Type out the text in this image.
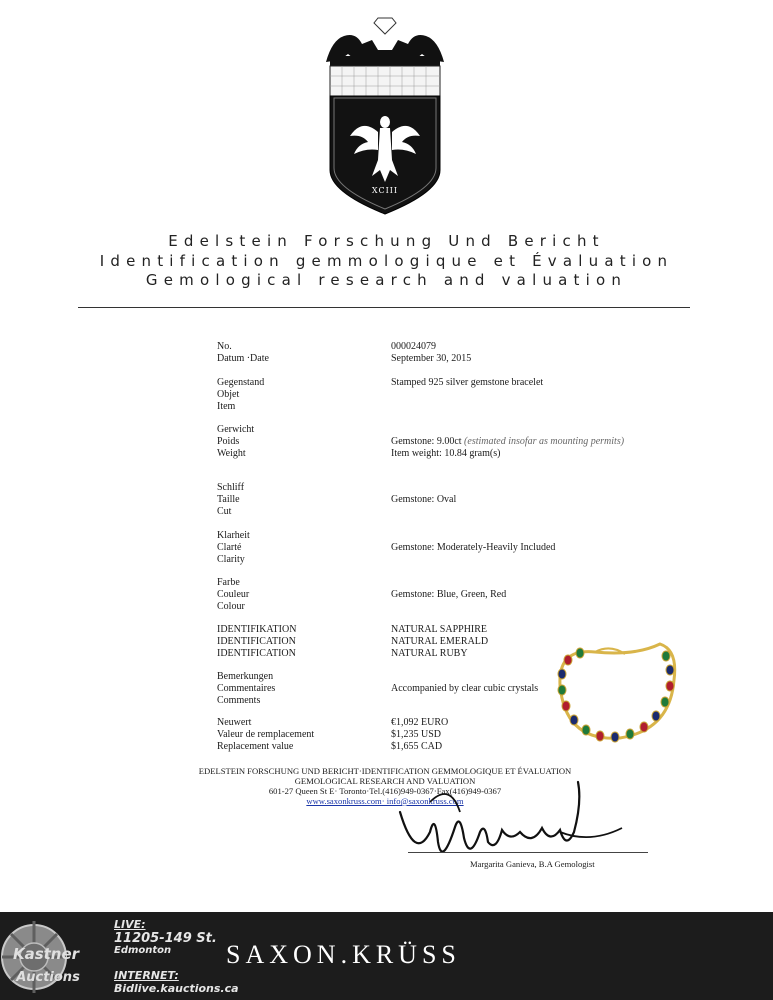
XCIII
Edelstein Forschung Und Bericht
Identification gemmologique et Évaluation
Gemological research and valuation
No.	000024079
Datum ·Date	September 30, 2015
Gegenstand
Objet
Item
Stamped 925 silver gemstone bracelet
Gerwicht
Poids
Weight
Gemstone: 9.00ct (estimated insofar as mounting permits)
Item weight: 10.84 gram(s)
Schliff
Taille
Cut
Gemstone: Oval
Klarheit
Clarté
Clarity
Gemstone: Moderately-Heavily Included
Farbe
Couleur
Colour
Gemstone: Blue, Green, Red
IDENTIFIKATION
IDENTIFICATION
IDENTIFICATION
NATURAL SAPPHIRE
NATURAL EMERALD
NATURAL RUBY
Bemerkungen
Commentaires
Comments
Accompanied by clear cubic crystals
Neuwert
Valeur de remplacement
Replacement value
€1,092 EURO
$1,235 USD
$1,655 CAD
EDELSTEIN FORSCHUNG UND BERICHT·IDENTIFICATION GEMMOLOGIQUE ET ÉVALUATION
GEMOLOGICAL RESEARCH AND VALUATION
601-27 Queen St E· Toronto·Tel.(416)949-0367·Fax(416)949-0367
www.saxonkruss.com· info@saxonkruss.com
Margarita Ganieva, B.A Gemologist
SAXON.KRÜSS
Kastner
Auctions
LIVE:
11205-149 St.
Edmonton
INTERNET:
Bidlive.kauctions.ca
